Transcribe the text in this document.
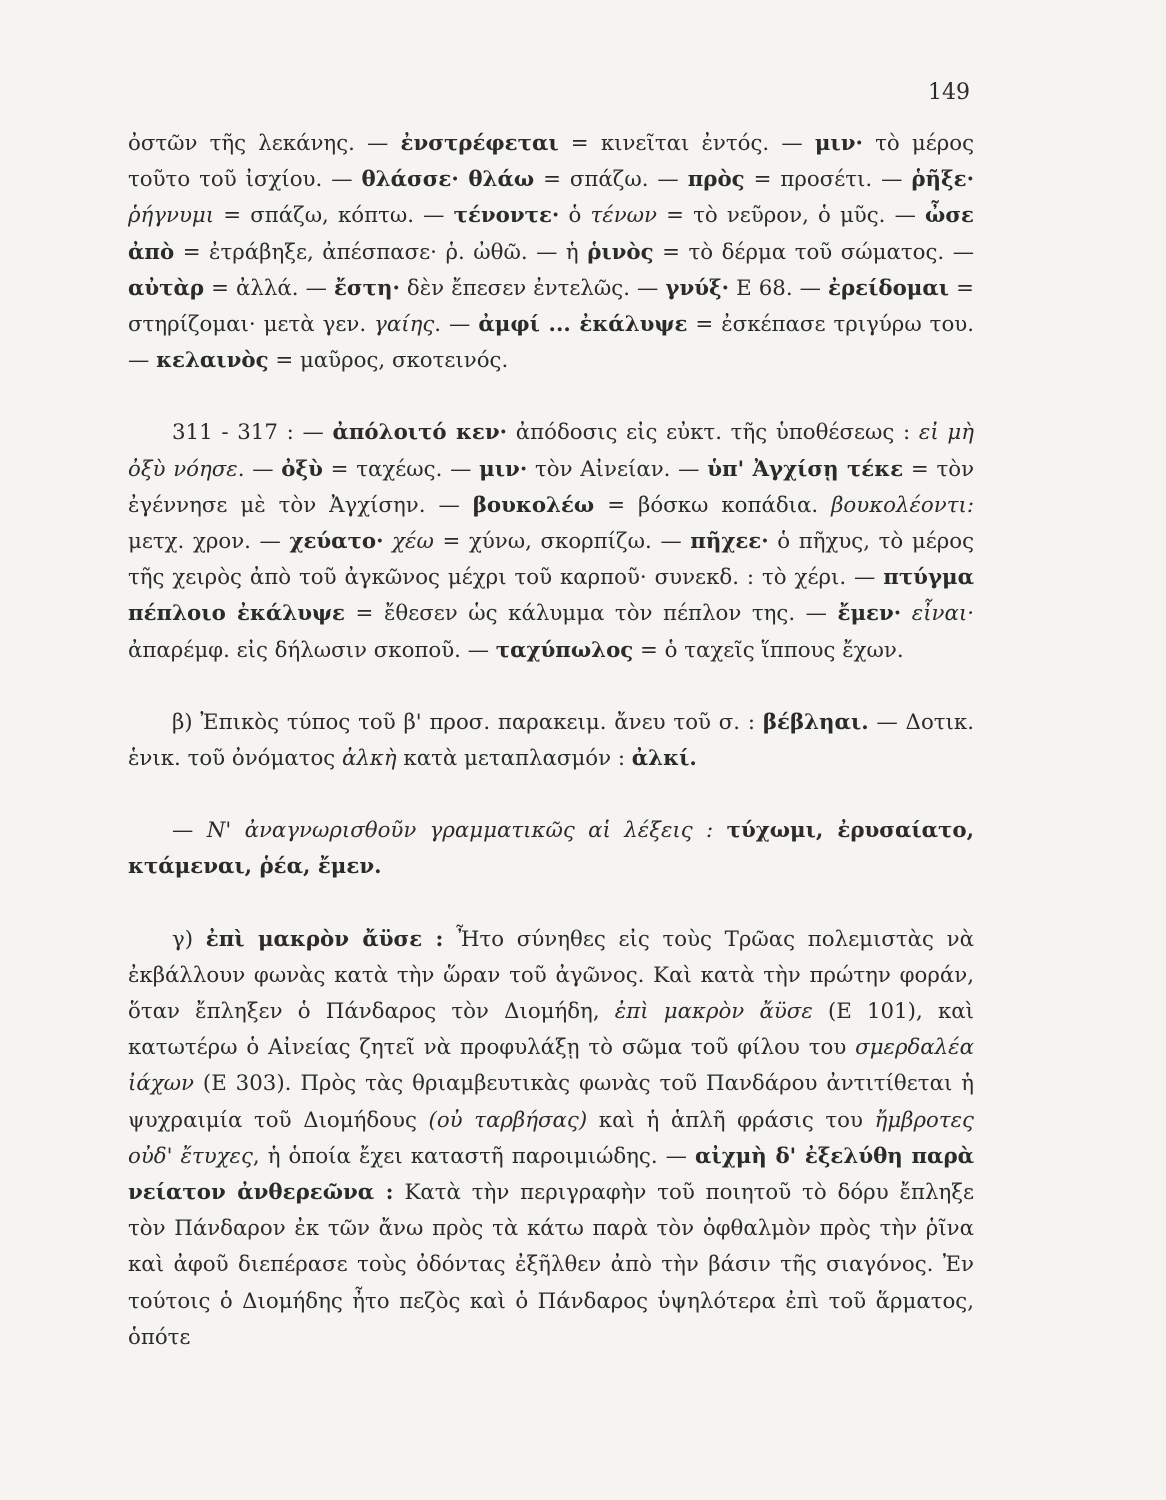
149

ὀστῶν τῆς λεκάνης. — ἐνστρέφεται = κινεῖται ἐντός. — μιν· τὸ μέρος τοῦτο τοῦ ἰσχίου. — θλάσσε· θλάω = σπάζω. — πρὸς = προσέτι. — ῥῆξε· ῥήγνυμι = σπάζω, κόπτω. — τένοντε· ὁ τένων = τὸ νεῦρον, ὁ μῦς. — ὦσε ἀπὸ = ἐτράβηξε, ἀπέσπασε· ῥ. ὠθῶ. — ἡ ῥινὸς = τὸ δέρμα τοῦ σώματος. — αὐτὰρ = ἀλλά. — ἔστη· δὲν ἔπεσεν ἐντελῶς. — γνύξ· Ε 68. — ἐρείδομαι = στηρίζομαι· μετὰ γεν. γαίης. — ἀμφί ... ἐκάλυψε = ἐσκέπασε τριγύρω του. — κελαινὸς = μαῦρος, σκοτεινός.

311 - 317 : — ἀπόλοιτό κεν· ἀπόδοσις εἰς εὐκτ. τῆς ὑποθέσεως : εἰ μὴ ὀξὺ νόησε. — ὀξὺ = ταχέως. — μιν· τὸν Αἰνείαν. — ὑπ' Ἀγχίσῃ τέκε = τὸν ἐγέννησε μὲ τὸν Ἀγχίσην. — βουκολέω = βόσκω κοπάδια. βουκολέοντι: μετχ. χρον. — χεύατο· χέω = χύνω, σκορπίζω. — πῆχεε· ὁ πῆχυς, τὸ μέρος τῆς χειρὸς ἀπὸ τοῦ ἀγκῶνος μέχρι τοῦ καρποῦ· συνεκδ. : τὸ χέρι. — πτύγμα πέπλοιο ἐκάλυψε = ἔθεσεν ὡς κάλυμμα τὸν πέπλον της. — ἔμεν· εἶναι· ἀπαρέμφ. εἰς δήλωσιν σκοποῦ. — ταχύπωλος = ὁ ταχεῖς ἵππους ἔχων.

β) Ἐπικὸς τύπος τοῦ β' προσ. παρακειμ. ἄνευ τοῦ σ. : βέβληαι. — Δοτικ. ἑνικ. τοῦ ὀνόματος ἀλκὴ κατὰ μεταπλασμόν : ἀλκί.

— Ν' ἀναγνωρισθοῦν γραμματικῶς αἱ λέξεις : τύχωμι, ἐρυσαίατο, κτάμεναι, ῥέα, ἔμεν.

γ) ἐπὶ μακρὸν ἄϋσε : Ἦτο σύνηθες εἰς τοὺς Τρῶας πολεμιστὰς νὰ ἐκβάλλουν φωνὰς κατὰ τὴν ὥραν τοῦ ἀγῶνος. Καὶ κατὰ τὴν πρώτην φοράν, ὅταν ἔπληξεν ὁ Πάνδαρος τὸν Διομήδη, ἐπὶ μακρὸν ἄϋσε (Ε 101), καὶ κατωτέρω ὁ Αἰνείας ζητεῖ νὰ προφυλάξῃ τὸ σῶμα τοῦ φίλου του σμερδαλέα ἰάχων (Ε 303). Πρὸς τὰς θριαμβευτικὰς φωνὰς τοῦ Πανδάρου ἀντιτίθεται ἡ ψυχραιμία τοῦ Διομήδους (οὐ ταρβήσας) καὶ ἡ ἁπλῆ φράσις του ἤμβροτες οὐδ' ἔτυχες, ἡ ὁποία ἔχει καταστῆ παροιμιώδης. — αἰχμὴ δ' ἐξελύθη παρὰ νείατον ἀνθερεῶνα : Κατὰ τὴν περιγραφὴν τοῦ ποιητοῦ τὸ δόρυ ἔπληξε τὸν Πάνδαρον ἐκ τῶν ἄνω πρὸς τὰ κάτω παρὰ τὸν ὀφθαλμὸν πρὸς τὴν ῥῖνα καὶ ἀφοῦ διεπέρασε τοὺς ὀδόντας ἐξῆλθεν ἀπὸ τὴν βάσιν τῆς σιαγόνος. Ἐν τούτοις ὁ Διομήδης ἦτο πεζὸς καὶ ὁ Πάνδαρος ὑψηλότερα ἐπὶ τοῦ ἅρματος, ὁπότε
